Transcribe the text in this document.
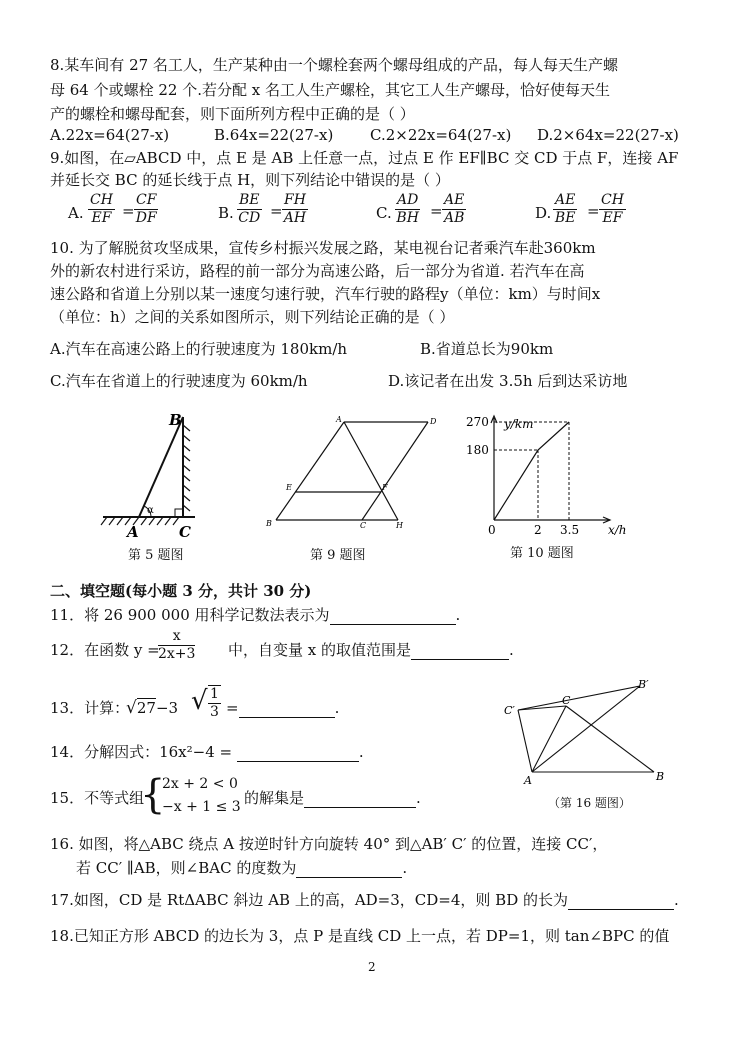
8.某车间有 27 名工人，生产某种由一个螺栓套两个螺母组成的产品，每人每天生产螺
母 64 个或螺栓 22 个.若分配 x 名工人生产螺栓，其它工人生产螺母，恰好使每天生
产的螺栓和螺母配套，则下面所列方程中正确的是（ ）
A.22x=64(27-x)	B.64x=22(27-x) C.2×22x=64(27-x) D.2×64x=22(27-x)
9.如图，在▱ABCD 中，点 E 是 AB 上任意一点，过点 E 作 EF∥BC 交 CD 于点 F，连接 AF
并延长交 BC 的延长线于点 H，则下列结论中错误的是（ ）
A. $\frac{CH}{EF} = \frac{CF}{DF}$	B. $\frac{BE}{CD} = \frac{FH}{AH}$	C. $\frac{AD}{BH} = \frac{AE}{AB}$	D. $\frac{AE}{BE} = \frac{CH}{EF}$
10. 为了解脱贫攻坚成果，宣传乡村振兴发展之路，某电视台记者乘汽车赴360km
外的新农村进行采访，路程的前一部分为高速公路，后一部分为省道. 若汽车在高
速公路和省道上分别以某一速度匀速行驶，汽车行驶的路程y（单位：km）与时间x
（单位：h）之间的关系如图所示，则下列结论正确的是（ ）
A.汽车在高速公路上的行驶速度为 180km/h	B.省道总长为90km
C.汽车在省道上的行驶速度为 60km/h	D.该记者在出发 3.5h 后到达采访地
B
A	C
α
第 5 题图
A	D
E	F
B	C	H
第 9 题图
y/km
x/h
270
180
0	2 3.5
第 10 题图
二、填空题(每小题 3 分，共计 30 分)
11．将 26 900 000 用科学记数法表示为	.
12．在函数 y =
$\frac{x}{2x+3}$ 中，自变量 x 的取值范围是	.
13．计算：
√27−3 √ $\frac{1}{3}$ =	.
14．分解因式：16x²−4 =	.
15．不等式组
{
2x + 2 < 0
−x + 1 ≤ 3 的解集是	.
C′
C
B′
A	B
（第 16 题图）
16. 如图，将△ABC 绕点 A 按逆时针方向旋转 40° 到△AB′ C′ 的位置，连接 CC′，
若 CC′ ∥AB，则∠BAC 的度数为	.
17.如图，CD 是 RtΔABC 斜边 AB 上的高，AD=3，CD=4，则 BD 的长为	.
18.已知正方形 ABCD 的边长为 3，点 P 是直线 CD 上一点，若 DP=1，则 tan∠BPC 的值
2
